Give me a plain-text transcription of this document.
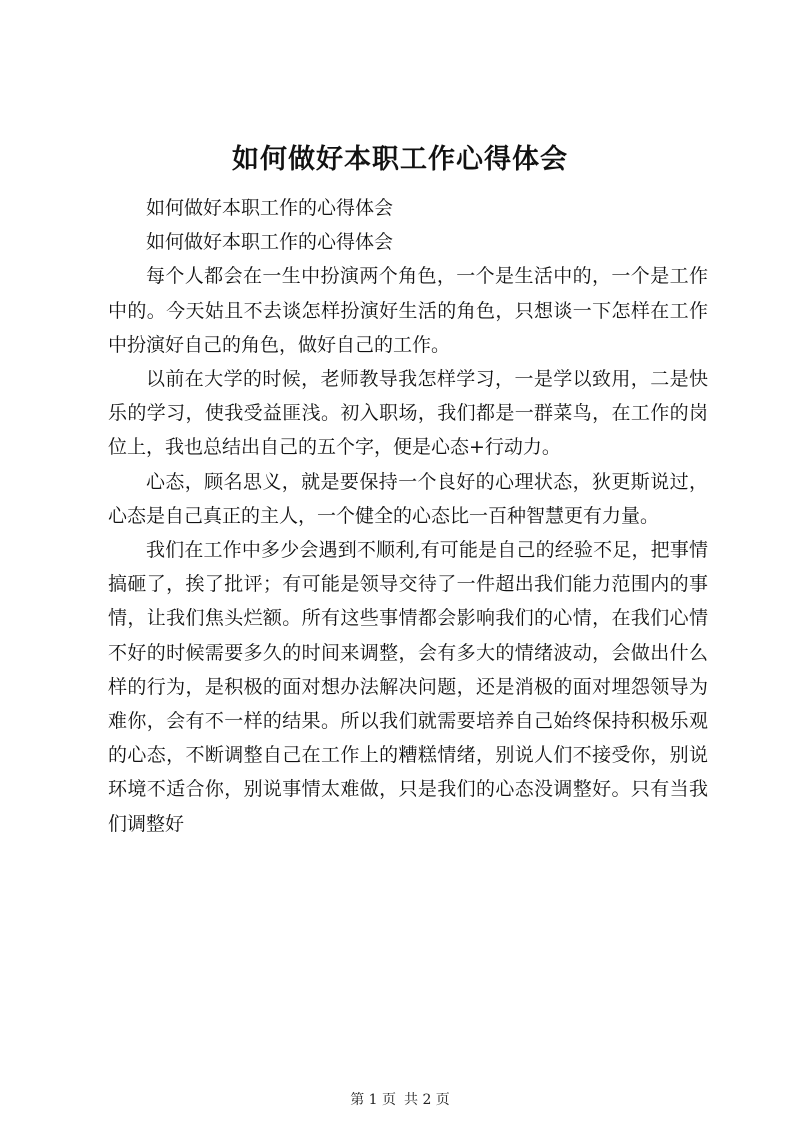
如何做好本职工作心得体会

如何做好本职工作的心得体会

如何做好本职工作的心得体会

每个人都会在一生中扮演两个角色，一个是生活中的，一个是工作中的。今天姑且不去谈怎样扮演好生活的角色，只想谈一下怎样在工作中扮演好自己的角色，做好自己的工作。

以前在大学的时候，老师教导我怎样学习，一是学以致用，二是快乐的学习，使我受益匪浅。初入职场，我们都是一群菜鸟，在工作的岗位上，我也总结出自己的五个字，便是心态+行动力。

心态，顾名思义，就是要保持一个良好的心理状态，狄更斯说过，心态是自己真正的主人，一个健全的心态比一百种智慧更有力量。

我们在工作中多少会遇到不顺利,有可能是自己的经验不足，把事情搞砸了，挨了批评；有可能是领导交待了一件超出我们能力范围内的事情，让我们焦头烂额。所有这些事情都会影响我们的心情，在我们心情不好的时候需要多久的时间来调整，会有多大的情绪波动，会做出什么样的行为，是积极的面对想办法解决问题，还是消极的面对埋怨领导为难你，会有不一样的结果。所以我们就需要培养自己始终保持积极乐观的心态，不断调整自己在工作上的糟糕情绪，别说人们不接受你，别说环境不适合你，别说事情太难做，只是我们的心态没调整好。只有当我们调整好

第 1 页 共 2 页
